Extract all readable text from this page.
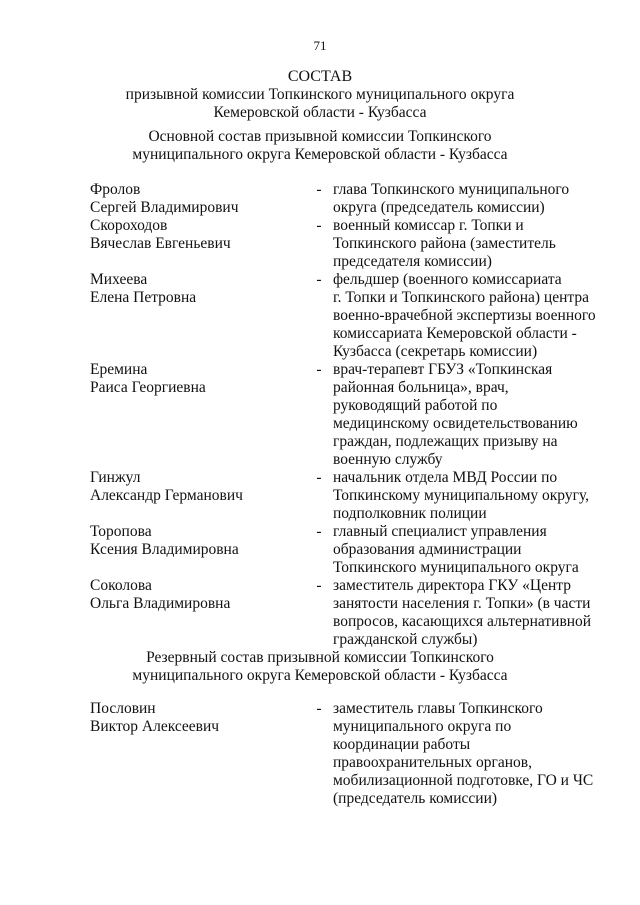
71
СОСТАВ
призывной комиссии Топкинского муниципального округа
Кемеровской области - Кузбасса
Основной состав призывной комиссии Топкинского
муниципального округа Кемеровской области - Кузбасса
Фролов
Сергей Владимирович
- глава Топкинского муниципального
округа (председатель комиссии)
Скороходов
Вячеслав Евгеньевич
- военный комиссар г. Топки и
Топкинского района (заместитель
председателя комиссии)
Михеева
Елена Петровна
- фельдшер (военного комиссариата
г. Топки и Топкинского района) центра
военно-врачебной экспертизы военного
комиссариата Кемеровской области -
Кузбасса (секретарь комиссии)
Еремина
Раиса Георгиевна
- врач-терапевт ГБУЗ «Топкинская
районная больница», врач,
руководящий работой по
медицинскому освидетельствованию
граждан, подлежащих призыву на
военную службу
Гинжул
Александр Германович
- начальник отдела МВД России по
Топкинскому муниципальному округу,
подполковник полиции
Торопова
Ксения Владимировна
- главный специалист управления
образования администрации
Топкинского муниципального округа
Соколова
Ольга Владимировна
- заместитель директора ГКУ «Центр
занятости населения г. Топки» (в части
вопросов, касающихся альтернативной
гражданской службы)
Резервный состав призывной комиссии Топкинского
муниципального округа Кемеровской области - Кузбасса
Пословин
Виктор Алексеевич
- заместитель главы Топкинского
муниципального округа по
координации работы
правоохранительных органов,
мобилизационной подготовке, ГО и ЧС
(председатель комиссии)
